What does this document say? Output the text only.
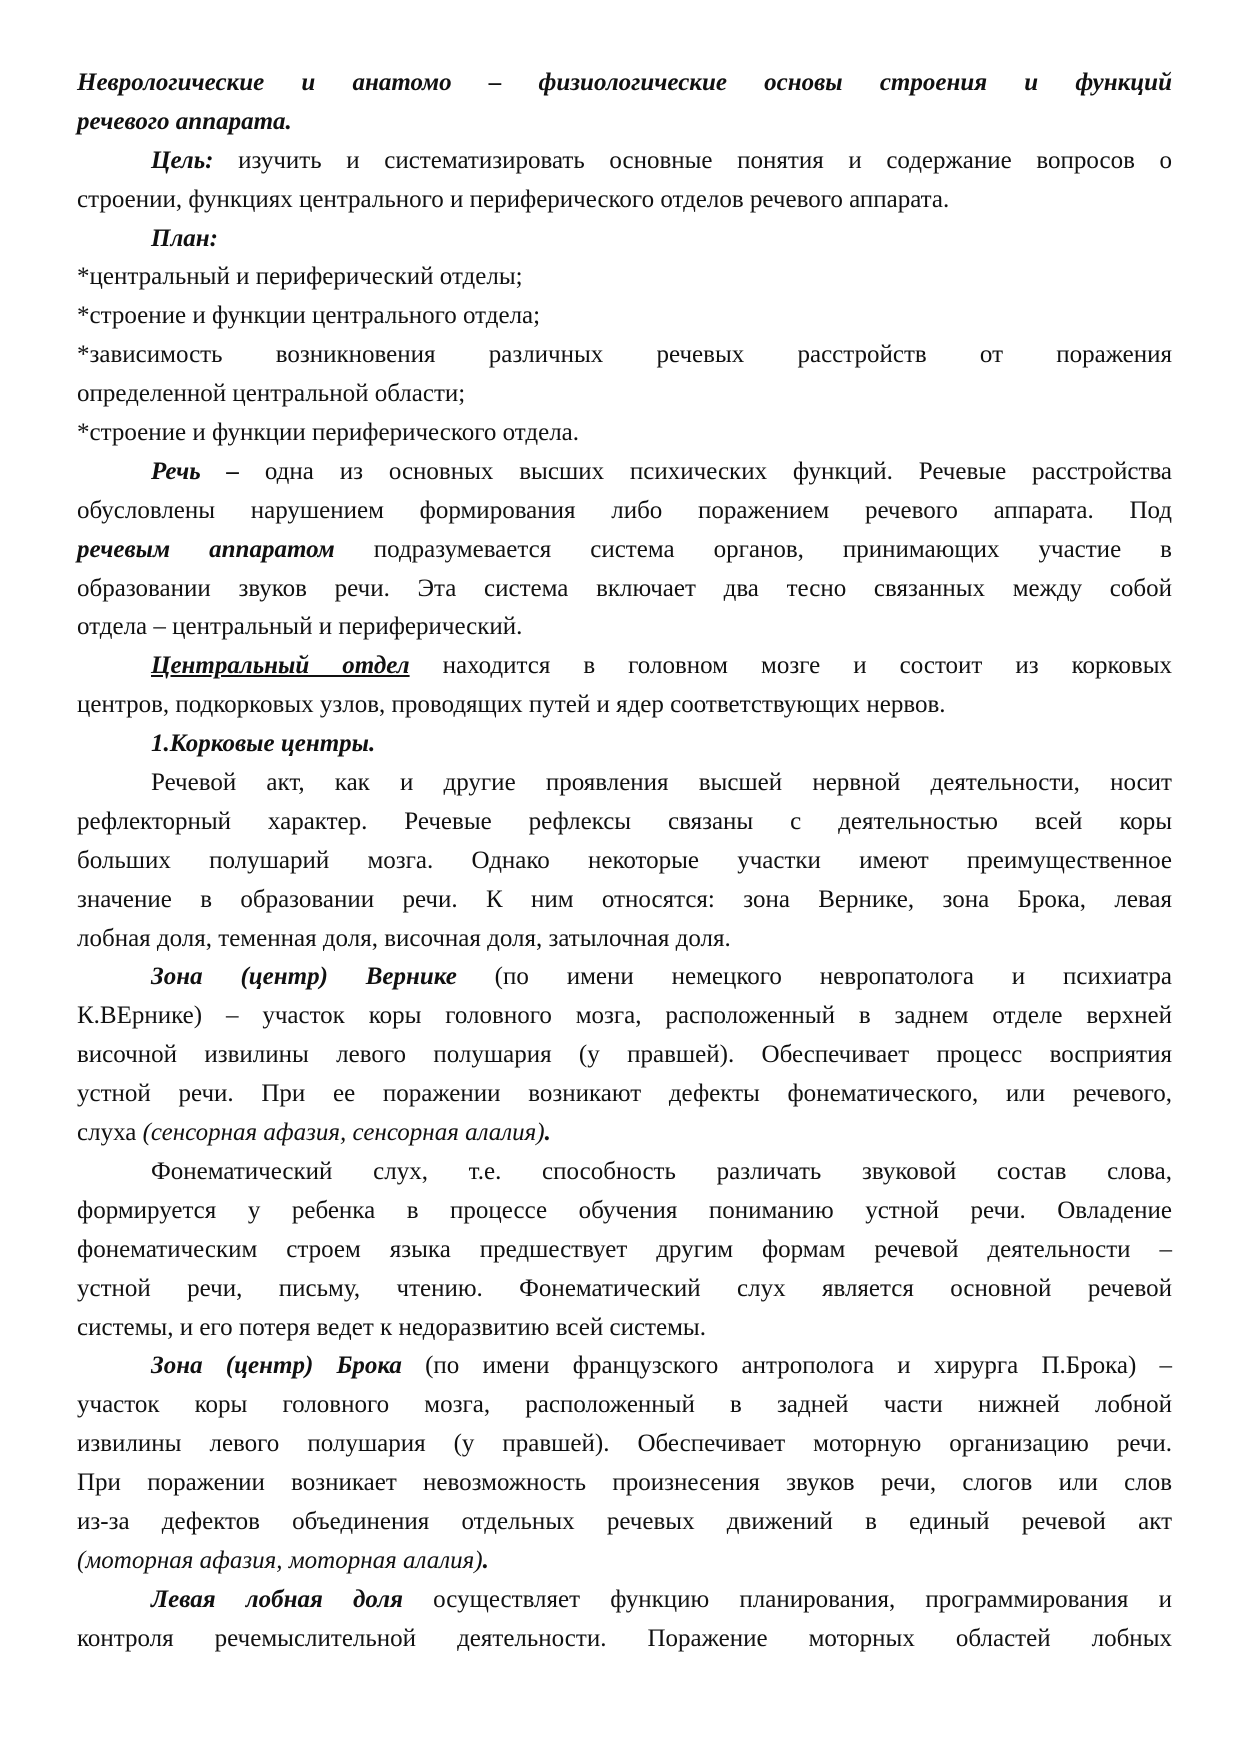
Неврологические и анатомо – физиологические основы строения и функций
речевого аппарата.
Цель: изучить и систематизировать основные понятия и содержание вопросов о
строении, функциях центрального и периферического отделов речевого аппарата.
План:
*центральный и периферический отделы;
*строение и функции центрального отдела;
*зависимость возникновения различных речевых расстройств от поражения
определенной центральной области;
*строение и функции периферического отдела.
Речь – одна из основных высших психических функций. Речевые расстройства
обусловлены нарушением формирования либо поражением речевого аппарата. Под
речевым аппаратом подразумевается система органов, принимающих участие в
образовании звуков речи. Эта система включает два тесно связанных между собой
отдела – центральный и периферический.
Центральный отдел находится в головном мозге и состоит из корковых
центров, подкорковых узлов, проводящих путей и ядер соответствующих нервов.
1.Корковые центры.
Речевой акт, как и другие проявления высшей нервной деятельности, носит
рефлекторный характер. Речевые рефлексы связаны с деятельностью всей коры
больших полушарий мозга. Однако некоторые участки имеют преимущественное
значение в образовании речи. К ним относятся: зона Вернике, зона Брока, левая
лобная доля, теменная доля, височная доля, затылочная доля.
Зона (центр) Вернике (по имени немецкого невропатолога и психиатра
К.ВЕрнике) – участок коры головного мозга, расположенный в заднем отделе верхней
височной извилины левого полушария (у правшей). Обеспечивает процесс восприятия
устной речи. При ее поражении возникают дефекты фонематического, или речевого,
слуха (сенсорная афазия, сенсорная алалия).
Фонематический слух, т.е. способность различать звуковой состав слова,
формируется у ребенка в процессе обучения пониманию устной речи. Овладение
фонематическим строем языка предшествует другим формам речевой деятельности –
устной речи, письму, чтению. Фонематический слух является основной речевой
системы, и его потеря ведет к недоразвитию всей системы.
Зона (центр) Брока (по имени французского антрополога и хирурга П.Брока) –
участок коры головного мозга, расположенный в задней части нижней лобной
извилины левого полушария (у правшей). Обеспечивает моторную организацию речи.
При поражении возникает невозможность произнесения звуков речи, слогов или слов
из-за дефектов объединения отдельных речевых движений в единый речевой акт
(моторная афазия, моторная алалия).
Левая лобная доля осуществляет функцию планирования, программирования и
контроля речемыслительной деятельности. Поражение моторных областей лобных
